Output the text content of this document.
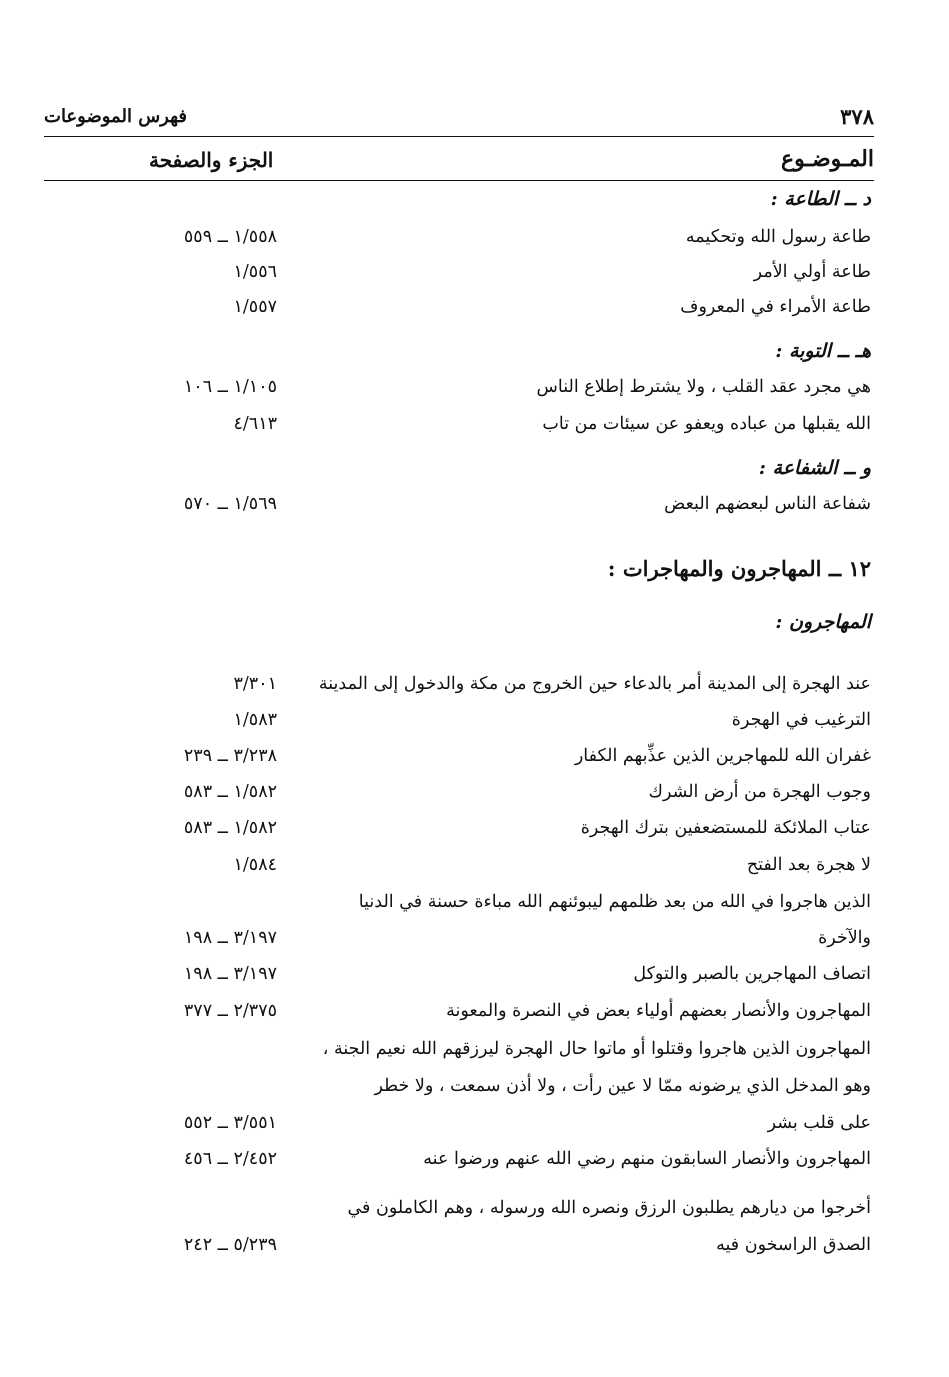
٣٧٨
فهرس الموضوعات
المـوضـوع
الجزء والصفحة
د ــ الطاعة :
طاعة رسول الله وتحكيمه
١/٥٥٨ ــ ٥٥٩
طاعة أولي الأمر
١/٥٥٦
طاعة الأمراء في المعروف
١/٥٥٧
هـ ــ التوبة :
هي مجرد عقد القلب ، ولا يشترط إطلاع الناس
١/١٠٥ ــ ١٠٦
الله يقبلها من عباده ويعفو عن سيئات من تاب
٤/٦١٣
و ــ الشفاعة :
شفاعة الناس لبعضهم البعض
١/٥٦٩ ــ ٥٧٠
١٢ ــ المهاجرون والمهاجرات :
المهاجرون :
عند الهجرة إلى المدينة أمر بالدعاء حين الخروج من مكة والدخول إلى المدينة
٣/٣٠١
الترغيب في الهجرة
١/٥٨٣
غفران الله للمهاجرين الذين عذِّبهم الكفار
٣/٢٣٨ ــ ٢٣٩
وجوب الهجرة من أرض الشرك
١/٥٨٢ ــ ٥٨٣
عتاب الملائكة للمستضعفين بترك الهجرة
١/٥٨٢ ــ ٥٨٣
لا هجرة بعد الفتح
١/٥٨٤
الذين هاجروا في الله من بعد ظلمهم ليبوئنهم الله مباءة حسنة في الدنيا
والآخرة
٣/١٩٧ ــ ١٩٨
اتصاف المهاجرين بالصبر والتوكل
٣/١٩٧ ــ ١٩٨
المهاجرون والأنصار بعضهم أولياء بعض في النصرة والمعونة
٢/٣٧٥ ــ ٣٧٧
المهاجرون الذين هاجروا وقتلوا أو ماتوا حال الهجرة ليرزقهم الله نعيم الجنة ،
وهو المدخل الذي يرضونه ممّا لا عين رأت ، ولا أذن سمعت ، ولا خطر
على قلب بشر
٣/٥٥١ ــ ٥٥٢
المهاجرون والأنصار السابقون منهم رضي الله عنهم ورضوا عنه
٢/٤٥٢ ــ ٤٥٦
أخرجوا من ديارهم يطلبون الرزق ونصره الله ورسوله ، وهم الكاملون في
الصدق الراسخون فيه
٥/٢٣٩ ــ ٢٤٢
